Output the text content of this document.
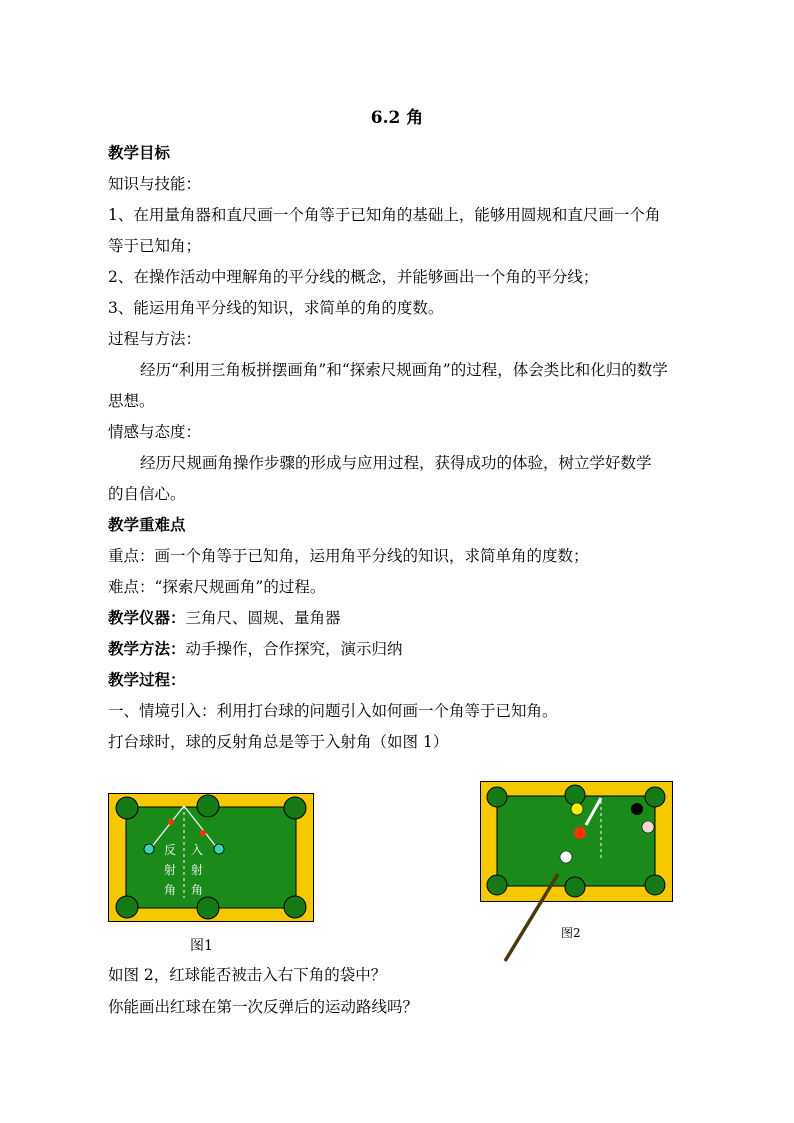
6.2 角
教学目标
知识与技能：
1、在用量角器和直尺画一个角等于已知角的基础上，能够用圆规和直尺画一个角
等于已知角；
2、在操作活动中理解角的平分线的概念，并能够画出一个角的平分线；
3、能运用角平分线的知识，求简单的角的度数。
过程与方法：
经历“利用三角板拼摆画角”和“探索尺规画角”的过程，体会类比和化归的数学
思想。
情感与态度：
经历尺规画角操作步骤的形成与应用过程，获得成功的体验，树立学好数学
的自信心。
教学重难点
重点：画一个角等于已知角，运用角平分线的知识，求简单角的度数；
难点：“探索尺规画角”的过程。
教学仪器：三角尺、圆规、量角器
教学方法：动手操作，合作探究，演示归纳
教学过程：
一、情境引入：利用打台球的问题引入如何画一个角等于已知角。
打台球时，球的反射角总是等于入射角（如图 1）
反
射
角
入
射
角
图1
图2
如图 2，红球能否被击入右下角的袋中？
你能画出红球在第一次反弹后的运动路线吗？
